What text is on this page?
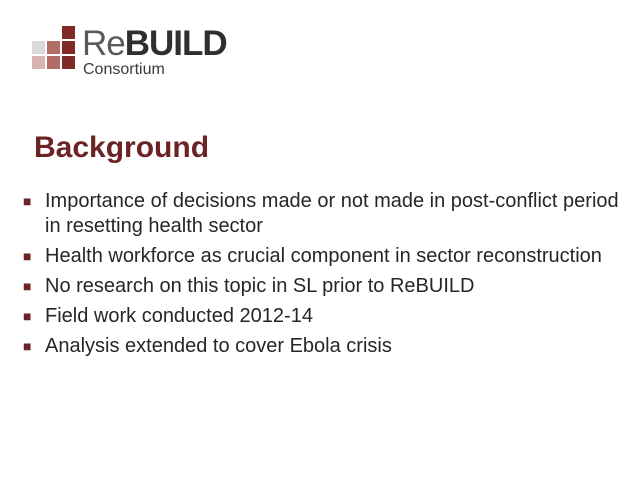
ReBUILD
Consortium
Background
■ Importance of decisions made or not made in post-conflict period in resetting health sector
■ Health workforce as crucial component in sector reconstruction
■ No research on this topic in SL prior to ReBUILD
■ Field work conducted 2012-14
■ Analysis extended to cover Ebola crisis
